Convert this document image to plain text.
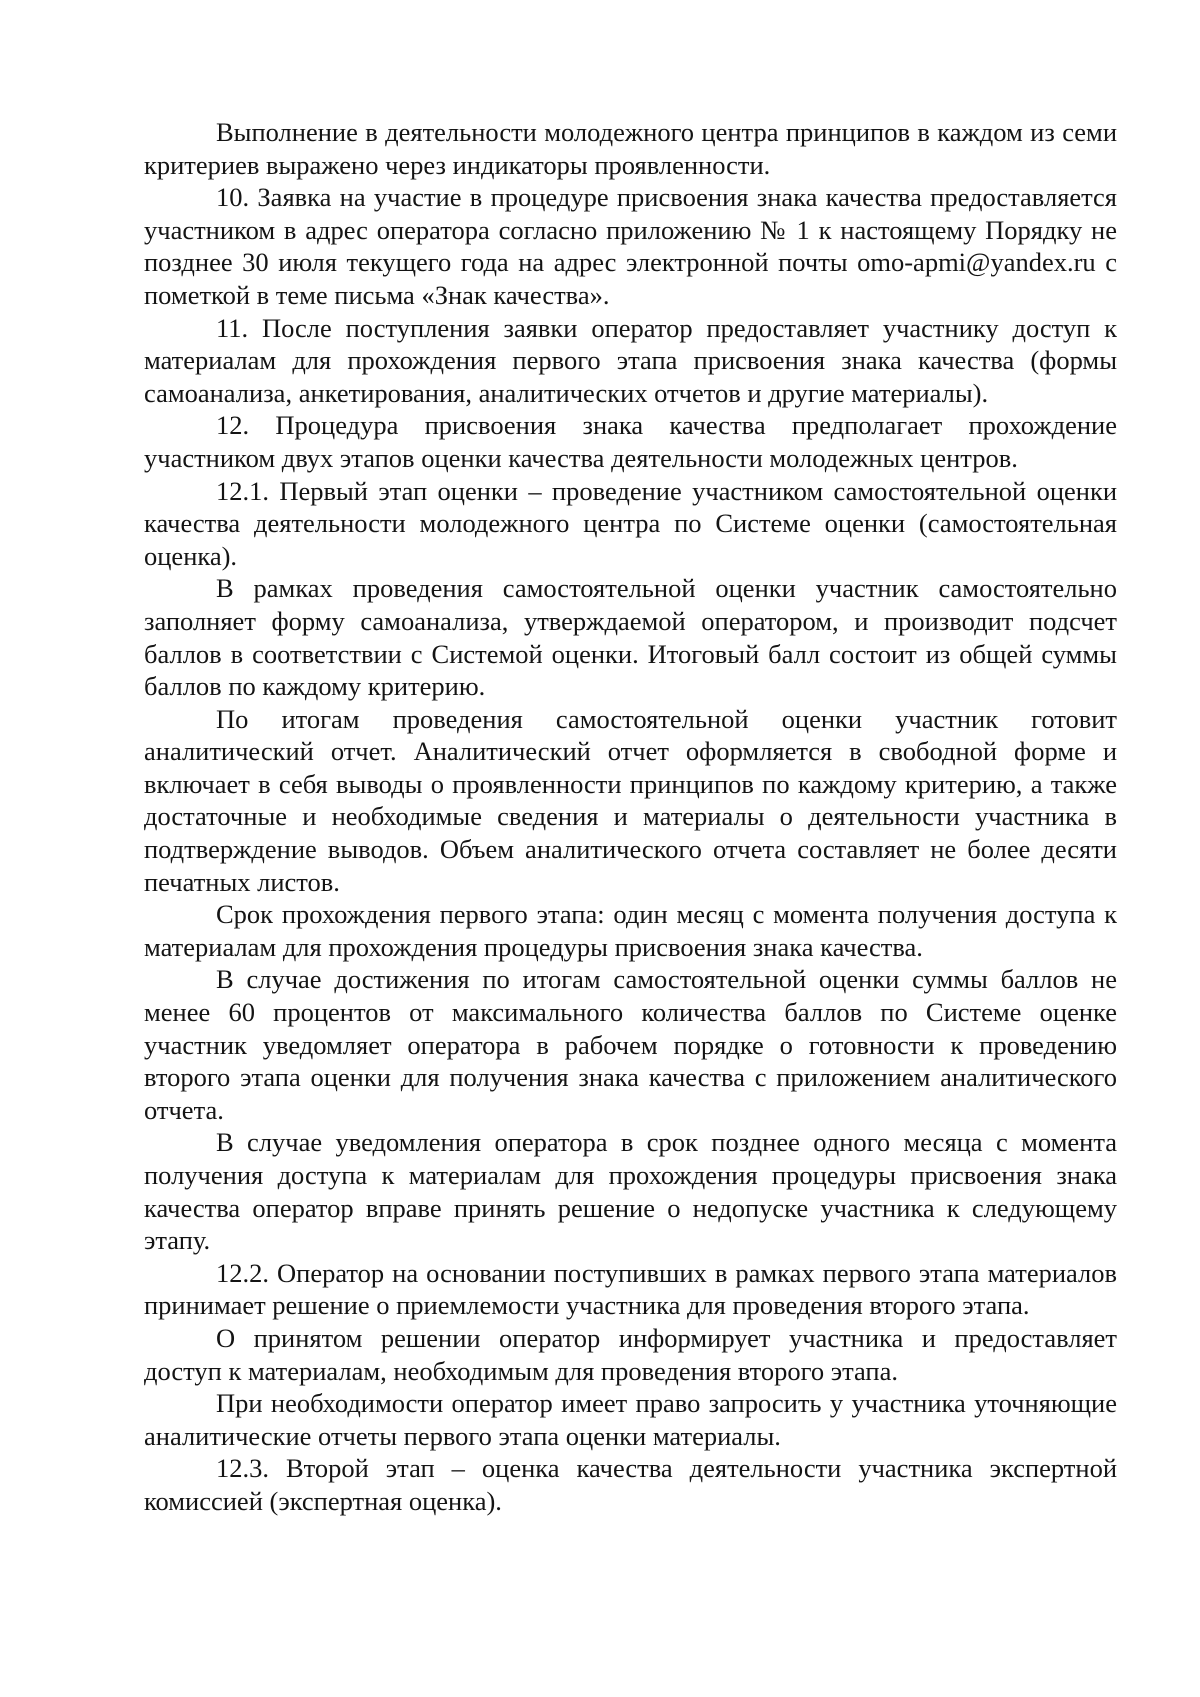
Выполнение в деятельности молодежного центра принципов в каждом из семи критериев выражено через индикаторы проявленности.

10. Заявка на участие в процедуре присвоения знака качества предоставляется участником в адрес оператора согласно приложению № 1 к настоящему Порядку не позднее 30 июля текущего года на адрес электронной почты omo-apmi@yandex.ru с пометкой в теме письма «Знак качества».

11. После поступления заявки оператор предоставляет участнику доступ к материалам для прохождения первого этапа присвоения знака качества (формы самоанализа, анкетирования, аналитических отчетов и другие материалы).

12. Процедура присвоения знака качества предполагает прохождение участником двух этапов оценки качества деятельности молодежных центров.

12.1. Первый этап оценки – проведение участником самостоятельной оценки качества деятельности молодежного центра по Системе оценки (самостоятельная оценка).

В рамках проведения самостоятельной оценки участник самостоятельно заполняет форму самоанализа, утверждаемой оператором, и производит подсчет баллов в соответствии с Системой оценки. Итоговый балл состоит из общей суммы баллов по каждому критерию.

По итогам проведения самостоятельной оценки участник готовит аналитический отчет. Аналитический отчет оформляется в свободной форме и включает в себя выводы о проявленности принципов по каждому критерию, а также достаточные и необходимые сведения и материалы о деятельности участника в подтверждение выводов. Объем аналитического отчета составляет не более десяти печатных листов.

Срок прохождения первого этапа: один месяц с момента получения доступа к материалам для прохождения процедуры присвоения знака качества.

В случае достижения по итогам самостоятельной оценки суммы баллов не менее 60 процентов от максимального количества баллов по Системе оценке участник уведомляет оператора в рабочем порядке о готовности к проведению второго этапа оценки для получения знака качества с приложением аналитического отчета.

В случае уведомления оператора в срок позднее одного месяца с момента получения доступа к материалам для прохождения процедуры присвоения знака качества оператор вправе принять решение о недопуске участника к следующему этапу.

12.2. Оператор на основании поступивших в рамках первого этапа материалов принимает решение о приемлемости участника для проведения второго этапа.

О принятом решении оператор информирует участника и предоставляет доступ к материалам, необходимым для проведения второго этапа.

При необходимости оператор имеет право запросить у участника уточняющие аналитические отчеты первого этапа оценки материалы.

12.3. Второй этап – оценка качества деятельности участника экспертной комиссией (экспертная оценка).
